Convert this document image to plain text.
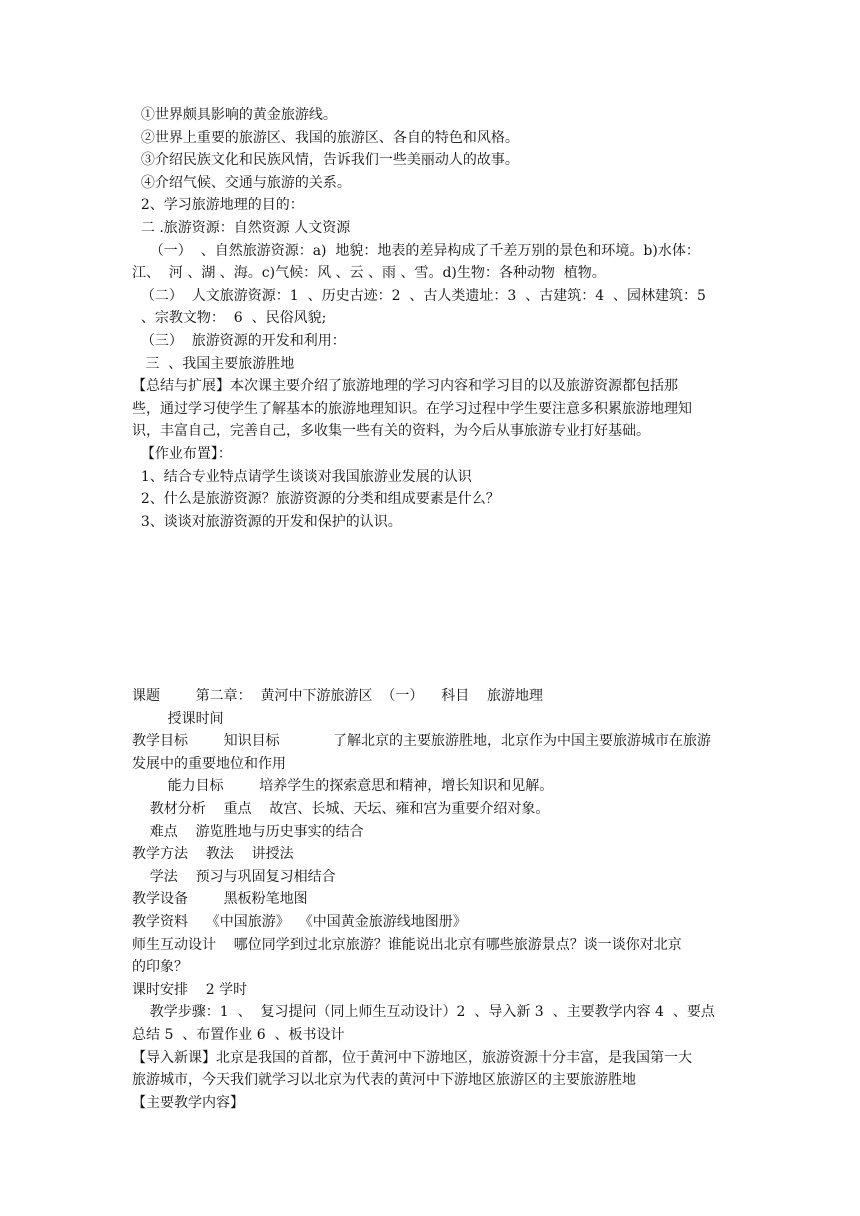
①世界颇具影响的黄金旅游线。
②世界上重要的旅游区、我国的旅游区、各自的特色和风格。
③介绍民族文化和民族风情，告诉我们一些美丽动人的故事。
④介绍气候、交通与旅游的关系。
2、学习旅游地理的目的：
二 .旅游资源：自然资源 人文资源
（一）  、自然旅游资源：a)  地貌：地表的差异构成了千差万别的景色和环境。b)水体：
江、  河 、湖 、海。c)气候：风 、云 、雨 、雪。d)生物：各种动物  植物。
（二）  人文旅游资源：1  、历史古迹：2  、古人类遗址：3  、古建筑：4  、园林建筑：5
、宗教文物：  6  、民俗风貌;
（三）  旅游资源的开发和利用：
三  、我国主要旅游胜地
【总结与扩展】本次课主要介绍了旅游地理的学习内容和学习目的以及旅游资源都包括那
些，通过学习使学生了解基本的旅游地理知识。在学习过程中学生要注意多积累旅游地理知
识，丰富自己，完善自己，多收集一些有关的资料，为今后从事旅游专业打好基础。
【作业布置】：
1、结合专业特点请学生谈谈对我国旅游业发展的认识
2、什么是旅游资源？旅游资源的分类和组成要素是什么？
3、谈谈对旅游资源的开发和保护的认识。
课题        第二章：  黄河中下游旅游区  （一）    科目    旅游地理
授课时间
教学目标        知识目标            了解北京的主要旅游胜地，北京作为中国主要旅游城市在旅游
发展中的重要地位和作用
能力目标        培养学生的探索意思和精神，增长知识和见解。
教材分析    重点    故宫、长城、天坛、雍和宫为重要介绍对象。
难点    游览胜地与历史事实的结合
教学方法    教法    讲授法
学法    预习与巩固复习相结合
教学设备        黑板粉笔地图
教学资料    《中国旅游》  《中国黄金旅游线地图册》
师生互动设计    哪位同学到过北京旅游？谁能说出北京有哪些旅游景点？谈一谈你对北京
的印象？
课时安排    2 学时
教学步骤：1  、  复习提问（同上师生互动设计）2  、导入新 3  、主要教学内容 4  、要点
总结 5  、布置作业 6  、板书设计
【导入新课】北京是我国的首都，位于黄河中下游地区，旅游资源十分丰富，是我国第一大
旅游城市，今天我们就学习以北京为代表的黄河中下游地区旅游区的主要旅游胜地
【主要教学内容】
